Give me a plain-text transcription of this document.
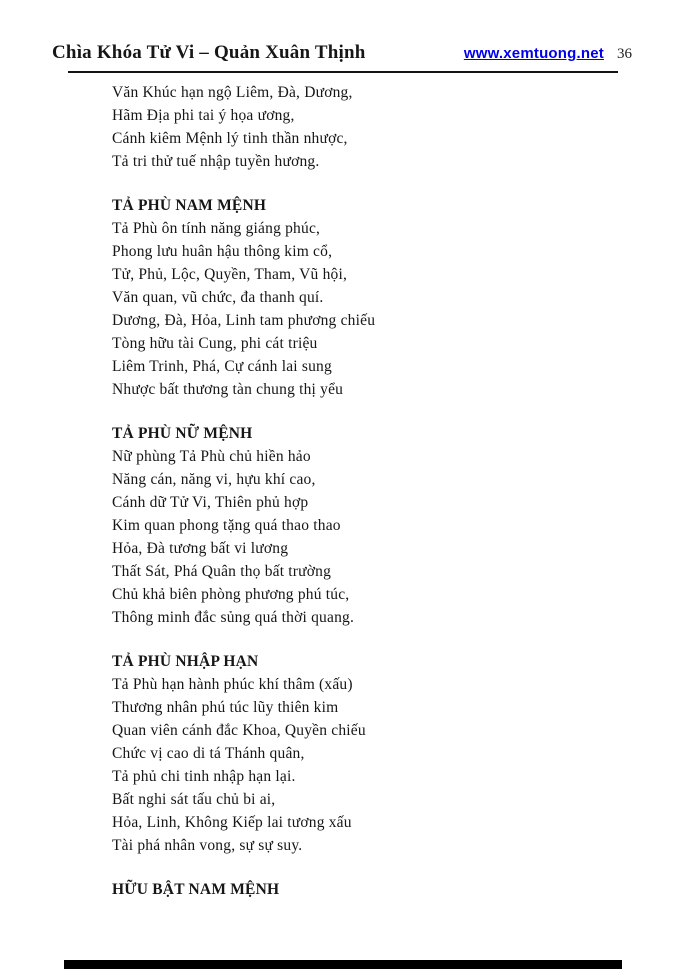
Chìa Khóa Tử Vi – Quản Xuân Thịnh	www.xemtuong.net 36
Văn Khúc hạn ngộ Liêm, Đà, Dương,
Hãm Địa phi tai ý họa ương,
Cánh kiêm Mệnh lý tinh thần nhược,
Tả tri thử tuế nhập tuyền hương.
TẢ PHÙ NAM MỆNH
Tả Phù ôn tính năng giáng phúc,
Phong lưu huân hậu thông kim cổ,
Tử, Phủ, Lộc, Quyền, Tham, Vũ hội,
Văn quan, vũ chức, đa thanh quí.
Dương, Đà, Hỏa, Linh tam phương chiếu
Tòng hữu tài Cung, phi cát triệu
Liêm Trinh, Phá, Cự cánh lai sung
Nhược bất thương tàn chung thị yểu
TẢ PHÙ NỮ MỆNH
Nữ phùng Tả Phù chủ hiền hảo
Năng cán, năng vi, hựu khí cao,
Cánh dữ Tử Vi, Thiên phủ hợp
Kim quan phong tặng quá thao thao
Hỏa, Đà tương bất vi lương
Thất Sát, Phá Quân thọ bất trường
Chủ khả biên phòng phương phú túc,
Thông minh đắc sủng quá thời quang.
TẢ PHÙ NHẬP HẠN
Tả Phù hạn hành phúc khí thâm (xấu)
Thương nhân phú túc lũy thiên kim
Quan viên cánh đắc Khoa, Quyền chiếu
Chức vị cao di tá Thánh quân,
Tả phủ chi tinh nhập hạn lại.
Bất nghi sát tấu chủ bi ai,
Hỏa, Linh, Không Kiếp lai tương xấu
Tài phá nhân vong, sự sự suy.
HỮU BẬT NAM MỆNH
